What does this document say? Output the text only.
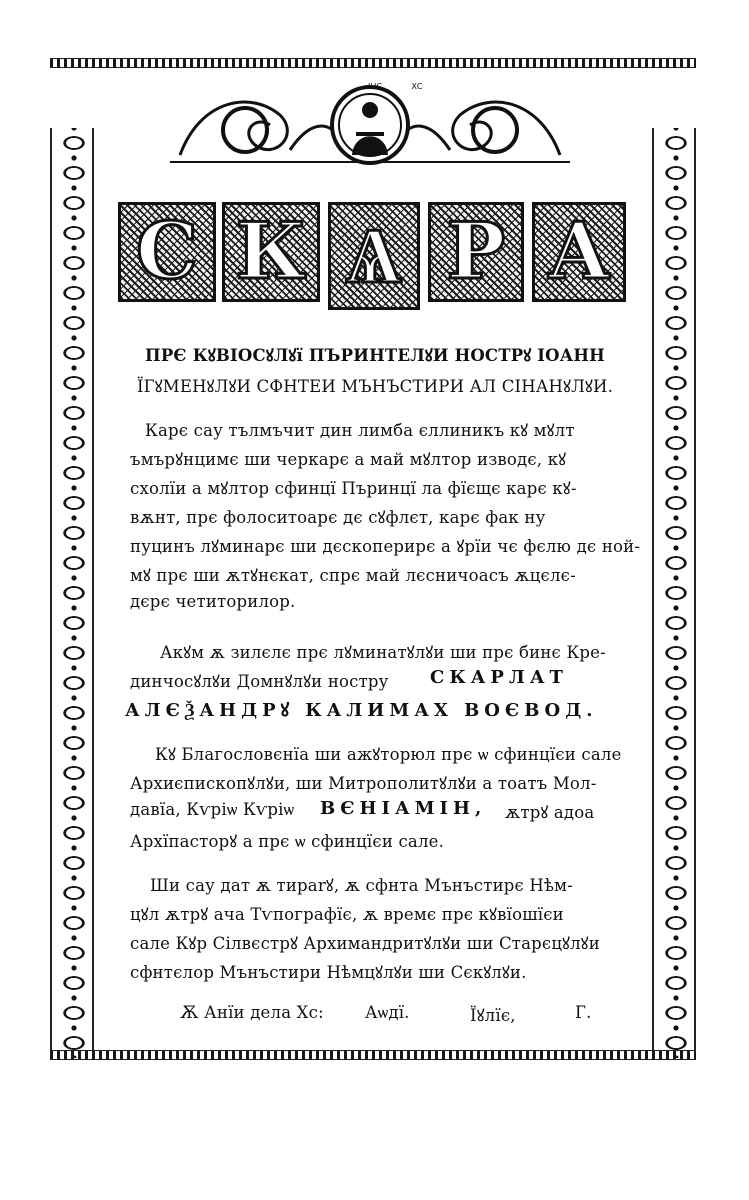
ІНС	ХС
С К Ѧ Р А
ПРЄ КꙋВІОСꙋЛꙋї ПЪРИНТЕЛꙋИ НОСТРꙋ ІОАНН
ЇГꙋМЕНꙋЛꙋИ СФНТЕИ МЪНЪСТИРИ АЛ СІНАНꙋЛꙋИ.
Карє сау тълмъчит дин лимба єллиникъ кꙋ мꙋлт
ъмърꙋнцимє ши черкарє а май мꙋлтор изводє, кꙋ
схолїи а мꙋлтор сфинцї Пъринцї ла фїєщє карє кꙋ-
вѫнт, прє фолоситоарє дє сꙋфлєт, карє фак ну
пуцинъ лꙋминарє ши дєскоперирє а ꙋрїи чє фєлю дє ной-
мꙋ прє ши ѫтꙋнєкат, спрє май лєсничоасъ ѫцєлє-
дєрє четиторилор.
Акꙋм ѫ зилєлє прє лꙋминатꙋлꙋи ши прє бинє Кре-
динчосꙋлꙋи Домнꙋлꙋи ностру	СКАРЛАТ
АЛЄѮАНДРꙋ КАЛИМАХ ВОЄВОД.
Кꙋ Благословєнїа ши ажꙋторюл прє ѡ сфинцїєи сале
Архиєпископꙋлꙋи, ши Митрополитꙋлꙋи а тоатъ Мол-
давїа, Кѵріѡ Кѵріѡ	ВЄНІАМІН,	ѫтрꙋ адоа
Архїпасторꙋ а прє ѡ сфинцїєи сале.
Ши сау дат ѫ тиparꙋ, ѫ сфнта Мънъстирє Нѣм-
цꙋл ѫтрꙋ ача Тѵпографїє, ѫ времє прє кꙋвїошїєи
сале Кꙋр Сілвєстрꙋ Архимандритꙋлꙋи ши Старєцꙋлꙋи
сфнтєлор Мънъстири Нѣмцꙋлꙋи ши Сєкꙋлꙋи.
Ѫ Анїи дела Хс:	Аѡдї.	Їꙋлїє,	Г.
